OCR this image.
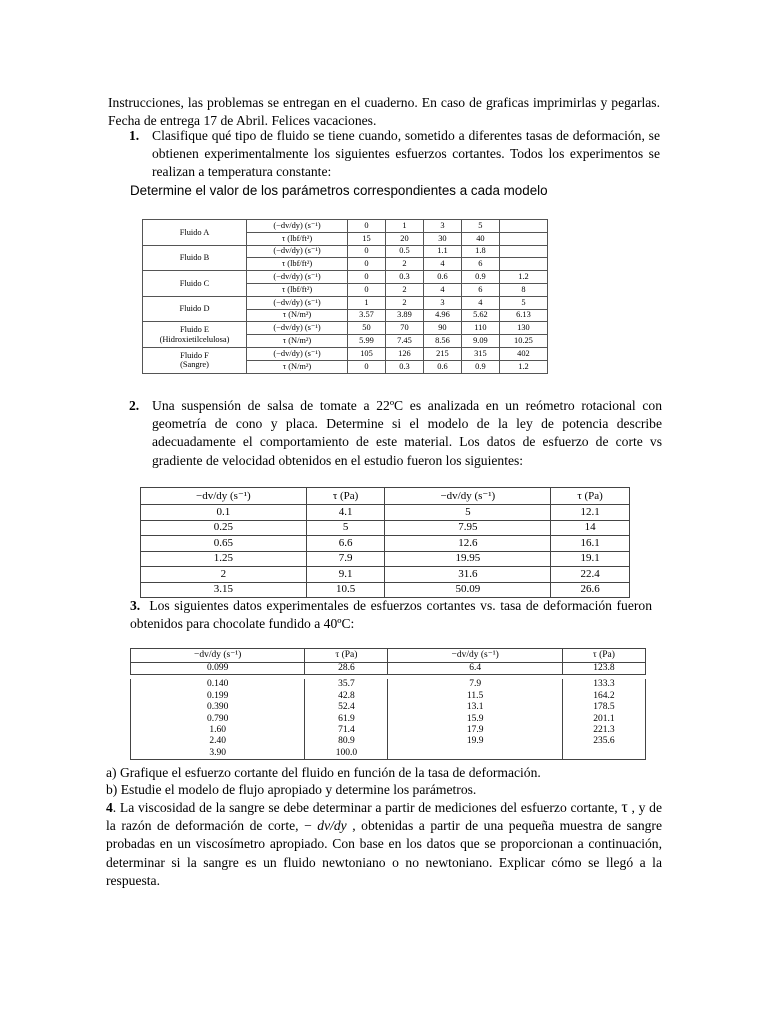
Instrucciones, las problemas se entregan en el cuaderno. En caso de graficas imprimirlas y pegarlas. Fecha de entrega 17 de Abril. Felices vacaciones.
1. Clasifique qué tipo de fluido se tiene cuando, sometido a diferentes tasas de deformación, se obtienen experimentalmente los siguientes esfuerzos cortantes. Todos los experimentos se realizan a temperatura constante:
Determine el valor de los parámetros correspondientes a cada modelo
Fluido A	(−dv/dy) (s⁻¹)	0	1	3	5	
	τ (lbf/ft²)	15	20	30	40	
Fluido B	(−dv/dy) (s⁻¹)	0	0.5	1.1	1.8	
	τ (lbf/ft²)	0	2	4	6	
Fluido C	(−dv/dy) (s⁻¹)	0	0.3	0.6	0.9	1.2
	τ (lbf/ft²)	0	2	4	6	8
Fluido D	(−dv/dy) (s⁻¹)	1	2	3	4	5
	τ (N/m²)	3.57	3.89	4.96	5.62	6.13
Fluido E
(Hidroxietilcelulosa)	(−dv/dy) (s⁻¹)	50	70	90	110	130
	τ (N/m²)	5.99	7.45	8.56	9.09	10.25
Fluido F
(Sangre)	(−dv/dy) (s⁻¹)	105	126	215	315	402
	τ (N/m²)	0	0.3	0.6	0.9	1.2
2. Una suspensión de salsa de tomate a 22ºC es analizada en un reómetro rotacional con geometría de cono y placa. Determine si el modelo de la ley de potencia describe adecuadamente el comportamiento de este material. Los datos de esfuerzo de corte vs gradiente de velocidad obtenidos en el estudio fueron los siguientes:
−dv/dy (s⁻¹)	τ (Pa)	−dv/dy (s⁻¹)	τ (Pa)
0.1	4.1	5	12.1
0.25	5	7.95	14
0.65	6.6	12.6	16.1
1.25	7.9	19.95	19.1
2	9.1	31.6	22.4
3.15	10.5	50.09	26.6
3. Los siguientes datos experimentales de esfuerzos cortantes vs. tasa de deformación fueron obtenidos para chocolate fundido a 40ºC:
−dv/dy (s⁻¹)	τ (Pa)	−dv/dy (s⁻¹)	τ (Pa)
0.099	28.6	6.4	123.8

0.140	35.7	7.9	133.3
0.199	42.8	11.5	164.2
0.390	52.4	13.1	178.5
0.790	61.9	15.9	201.1
1.60	71.4	17.9	221.3
2.40	80.9	19.9	235.6
3.90	100.0		
a) Grafique el esfuerzo cortante del fluido en función de la tasa de deformación.
b) Estudie el modelo de flujo apropiado y determine los parámetros.
4. La viscosidad de la sangre se debe determinar a partir de mediciones del esfuerzo cortante, τ , y de la razón de deformación de corte, − dv/dy , obtenidas a partir de una pequeña muestra de sangre probadas en un viscosímetro apropiado. Con base en los datos que se proporcionan a continuación, determinar si la sangre es un fluido newtoniano o no newtoniano. Explicar cómo se llegó a la respuesta.
